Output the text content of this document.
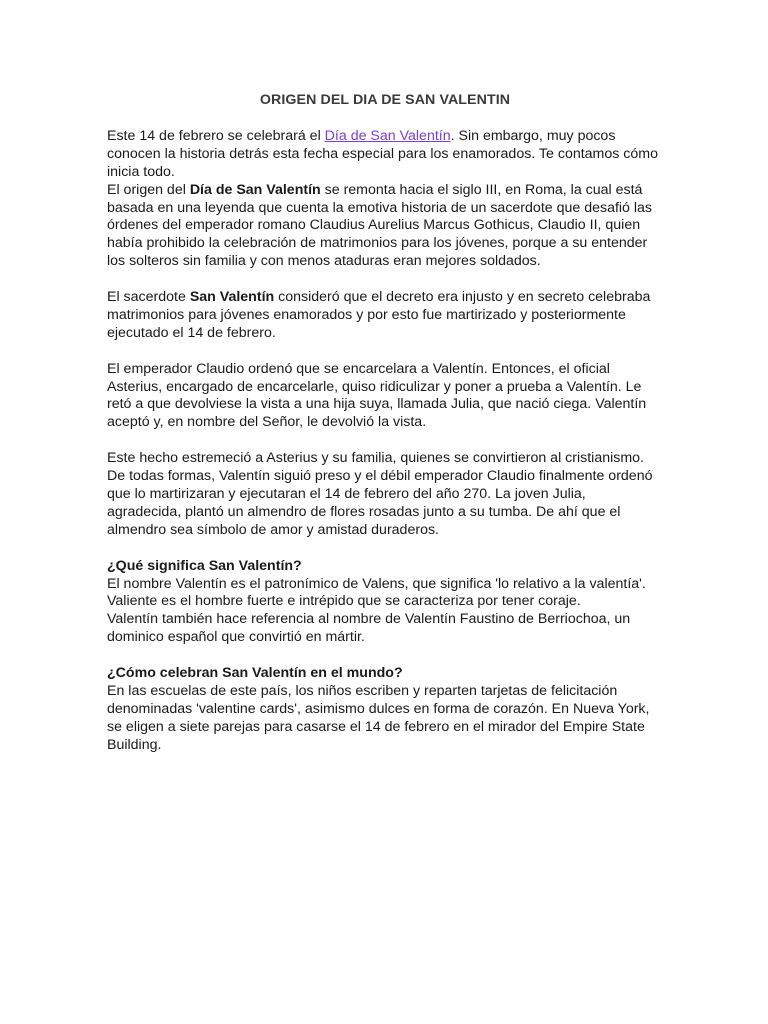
ORIGEN DEL DIA DE SAN VALENTIN

Este 14 de febrero se celebrará el Día de San Valentín. Sin embargo, muy pocos conocen la historia detrás esta fecha especial para los enamorados. Te contamos cómo inicia todo.

El origen del Día de San Valentín se remonta hacia el siglo III, en Roma, la cual está basada en una leyenda que cuenta la emotiva historia de un sacerdote que desafió las órdenes del emperador romano Claudius Aurelius Marcus Gothicus, Claudio II, quien había prohibido la celebración de matrimonios para los jóvenes, porque a su entender los solteros sin familia y con menos ataduras eran mejores soldados.

El sacerdote San Valentín consideró que el decreto era injusto y en secreto celebraba matrimonios para jóvenes enamorados y por esto fue martirizado y posteriormente ejecutado el 14 de febrero.

El emperador Claudio ordenó que se encarcelara a Valentín. Entonces, el oficial Asterius, encargado de encarcelarle, quiso ridiculizar y poner a prueba a Valentín. Le retó a que devolviese la vista a una hija suya, llamada Julia, que nació ciega. Valentín aceptó y, en nombre del Señor, le devolvió la vista.

Este hecho estremeció a Asterius y su familia, quienes se convirtieron al cristianismo. De todas formas, Valentín siguió preso y el débil emperador Claudio finalmente ordenó que lo martirizaran y ejecutaran el 14 de febrero del año 270. La joven Julia, agradecida, plantó un almendro de flores rosadas junto a su tumba. De ahí que el almendro sea símbolo de amor y amistad duraderos.

¿Qué significa San Valentín?

El nombre Valentín es el patronímico de Valens, que significa 'lo relativo a la valentía'. Valiente es el hombre fuerte e intrépido que se caracteriza por tener coraje.

Valentín también hace referencia al nombre de Valentín Faustino de Berriochoa, un dominico español que convirtió en mártir.

¿Cómo celebran San Valentín en el mundo?

En las escuelas de este país, los niños escriben y reparten tarjetas de felicitación denominadas 'valentine cards', asimismo dulces en forma de corazón. En Nueva York, se eligen a siete parejas para casarse el 14 de febrero en el mirador del Empire State Building.
